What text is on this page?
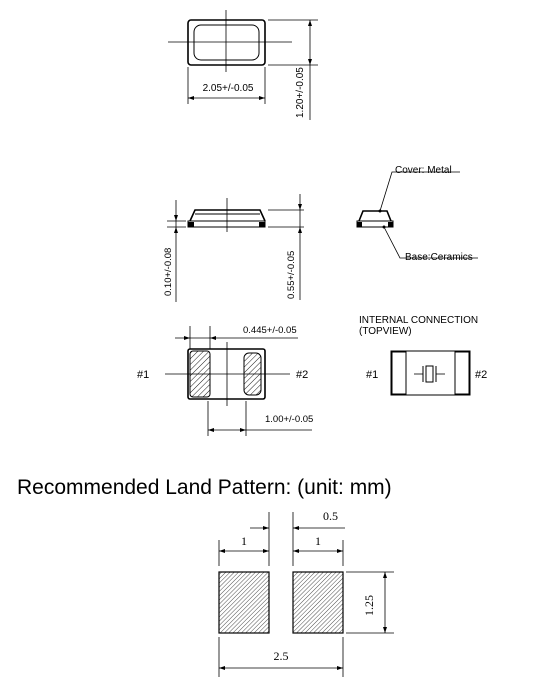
2.05+/-0.05	1.20+/-0.05
0.10+/-0.08	0.55+/-0.05
Cover: Metal
Base:Ceramics
#1	#2
0.445+/-0.05
1.00+/-0.05
INTERNAL CONNECTION
(TOPVIEW)
#1	#2
Recommended Land Pattern: (unit: mm)
0.5
1	1
1.25
2.5
